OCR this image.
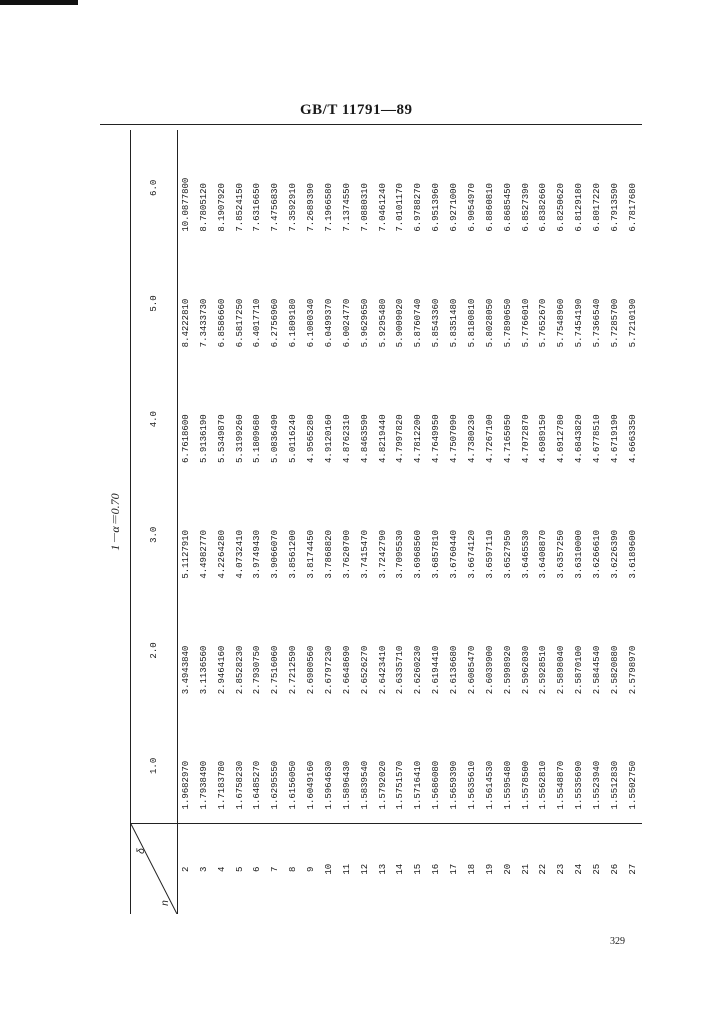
GB/T 11791—89
1－α＝0.70
δ
n	1.0	2.0	3.0	4.0	5.0	6.0
2	1.9682970	3.4943840	5.1127910	6.7618600	8.4222810	10.0877800
3	1.7938490	3.1136560	4.4982770	5.9136190	7.3433730	8.7805120
4	1.7183780	2.9464160	4.2264280	5.5349870	6.8586660	8.1907920
5	1.6758230	2.8528230	4.0732410	5.3199260	6.5817250	7.8524150
6	1.6485270	2.7930750	3.9749430	5.1809680	6.4017710	7.6316650
7	1.6295550	2.7516060	3.9066070	5.0836490	6.2756960	7.4756830
8	1.6156050	2.7212590	3.8561200	5.0116240	6.1809180	7.3592910
9	1.6049160	2.6980560	3.8174450	4.9565280	6.1080340	7.2689390
10	1.5964630	2.6797230	3.7868820	4.9120160	6.0499370	7.1966580
11	1.5896430	2.6648690	3.7620700	4.8762310	6.0024770	7.1374550
12	1.5839540	2.6526270	3.7415470	4.8463590	5.9629650	7.0880310
13	1.5792020	2.6423410	3.7242790	4.8219440	5.9295480	7.0461240
14	1.5751570	2.6335710	3.7095530	4.7997820	5.9009020	7.0101170
15	1.5716410	2.6260230	3.6968560	4.7812200	5.8760740	6.9788270
16	1.5686080	2.6194410	3.6857810	4.7649950	5.8543360	6.9513960
17	1.5659390	2.6136680	3.6760440	4.7507090	5.8351480	6.9271000
18	1.5635610	2.6085470	3.6674120	4.7380230	5.8180810	6.9054970
19	1.5614530	2.6039900	3.6597110	4.7267100	5.8028050	6.8860810
20	1.5595480	2.5998920	3.6527950	4.7165050	5.7890650	6.8685450
21	1.5578500	2.5962030	3.6465530	4.7072870	5.7766010	6.8527390
22	1.5562810	2.5928510	3.6408870	4.6989150	5.7652670	6.8382660
23	1.5548870	2.5898040	3.6357250	4.6912780	5.7548960	6.8250620
24	1.5535690	2.5870100	3.6310000	4.6843820	5.7454190	6.8129180
25	1.5523940	2.5844540	3.6266610	4.6778510	5.7366540	6.8017220
26	1.5512830	2.5820880	3.6226390	4.6719190	5.7285700	6.7913590
27	1.5502750	2.5798970	3.6189600	4.6663350	5.7210190	6.7817680
329
